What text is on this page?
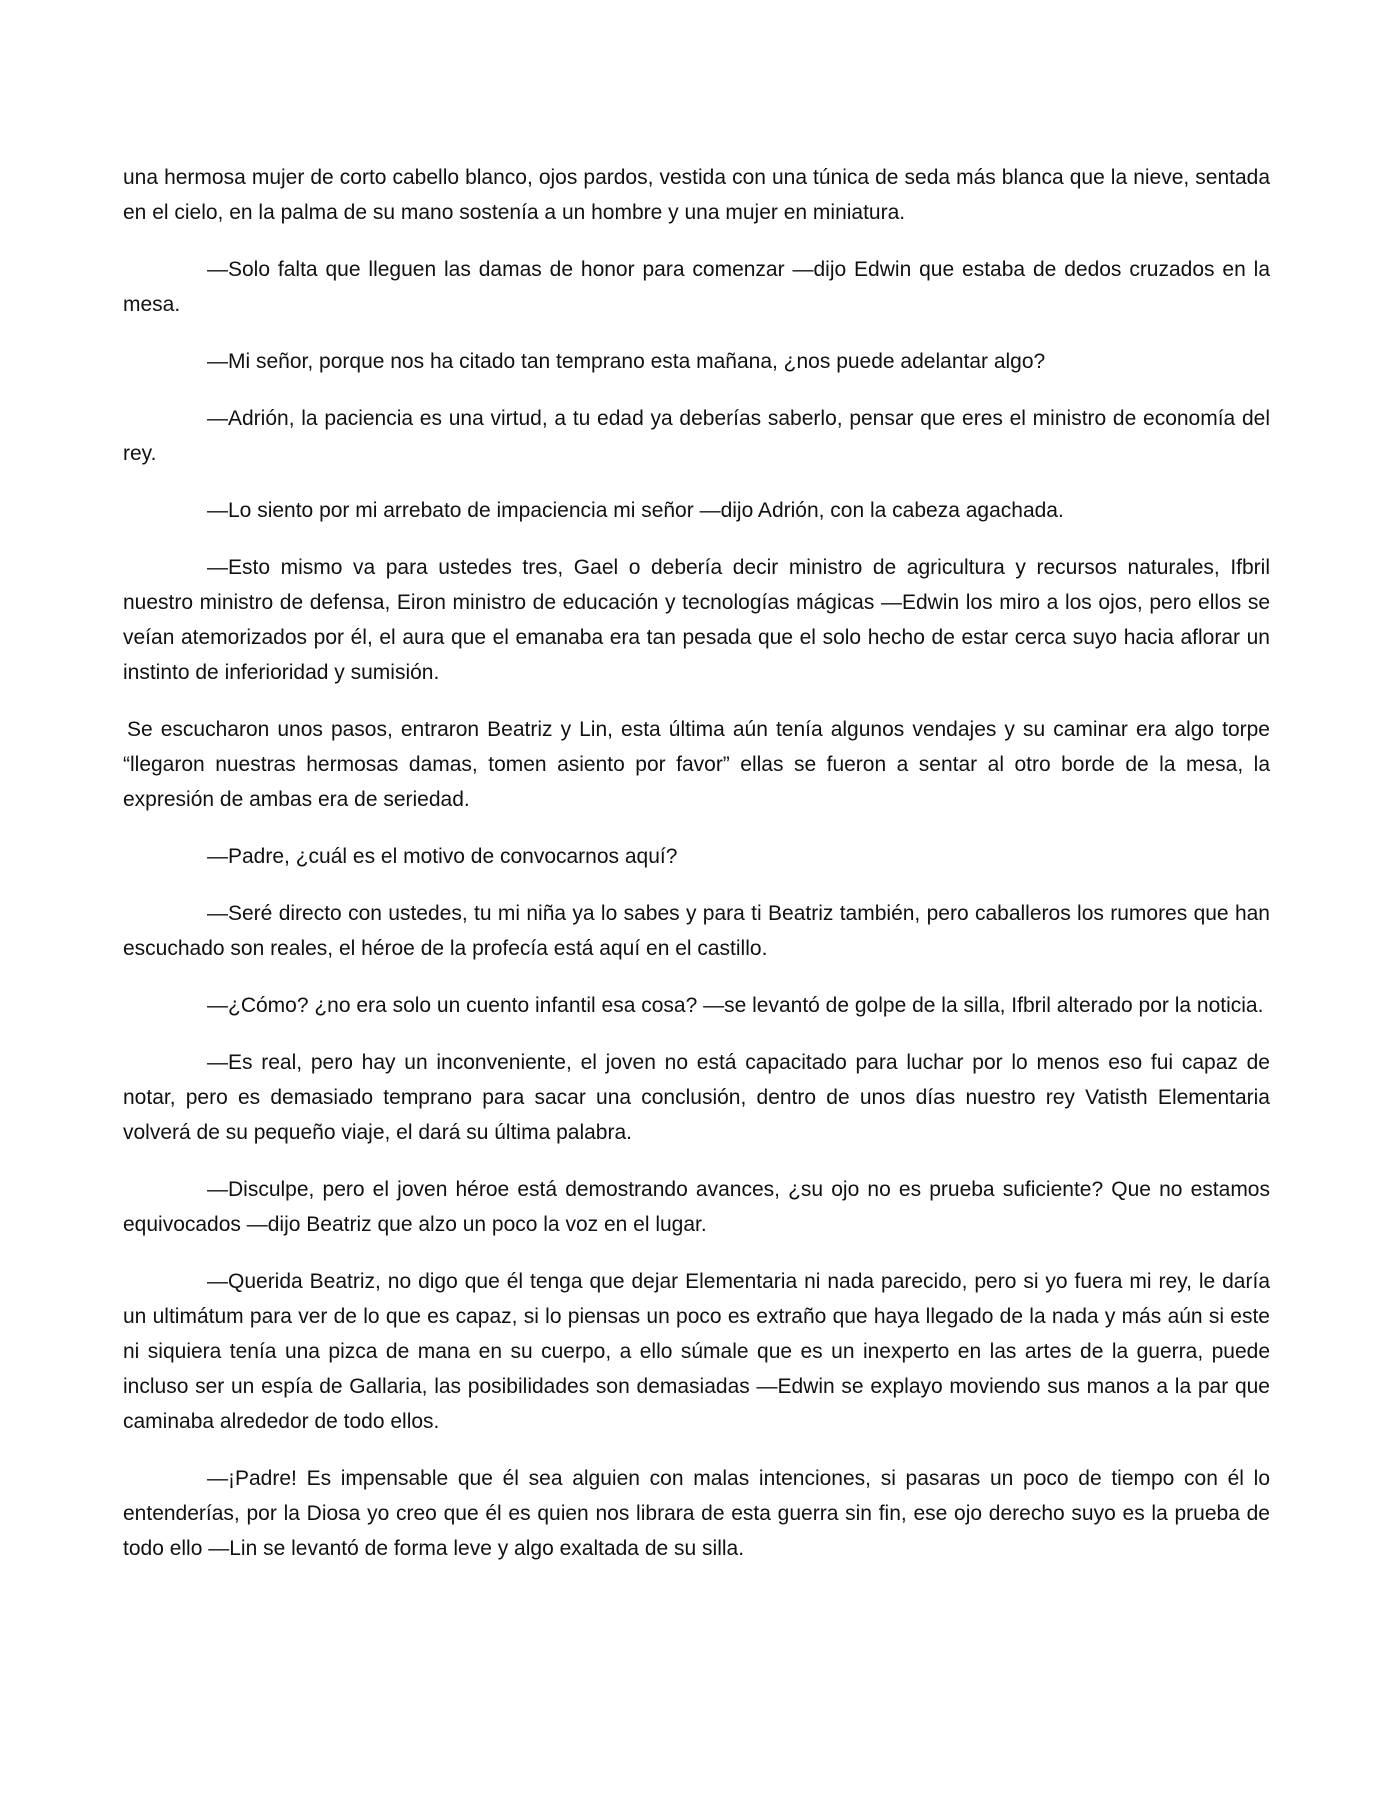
una hermosa mujer de corto cabello blanco, ojos pardos, vestida con una túnica de seda más blanca que la nieve, sentada en el cielo, en la palma de su mano sostenía a un hombre y una mujer en miniatura.

—Solo falta que lleguen las damas de honor para comenzar —dijo Edwin que estaba de dedos cruzados en la mesa.

—Mi señor, porque nos ha citado tan temprano esta mañana, ¿nos puede adelantar algo?

—Adrión, la paciencia es una virtud, a tu edad ya deberías saberlo, pensar que eres el ministro de economía del rey.

—Lo siento por mi arrebato de impaciencia mi señor —dijo Adrión, con la cabeza agachada.

—Esto mismo va para ustedes tres, Gael o debería decir ministro de agricultura y recursos naturales, Ifbril nuestro ministro de defensa, Eiron ministro de educación y tecnologías mágicas —Edwin los miro a los ojos, pero ellos se veían atemorizados por él, el aura que el emanaba era tan pesada que el solo hecho de estar cerca suyo hacia aflorar un instinto de inferioridad y sumisión.

Se escucharon unos pasos, entraron Beatriz y Lin, esta última aún tenía algunos vendajes y su caminar era algo torpe “llegaron nuestras hermosas damas, tomen asiento por favor” ellas se fueron a sentar al otro borde de la mesa, la expresión de ambas era de seriedad.

—Padre, ¿cuál es el motivo de convocarnos aquí?

—Seré directo con ustedes, tu mi niña ya lo sabes y para ti Beatriz también, pero caballeros los rumores que han escuchado son reales, el héroe de la profecía está aquí en el castillo.

—¿Cómo? ¿no era solo un cuento infantil esa cosa? —se levantó de golpe de la silla, Ifbril alterado por la noticia.

—Es real, pero hay un inconveniente, el joven no está capacitado para luchar por lo menos eso fui capaz de notar, pero es demasiado temprano para sacar una conclusión, dentro de unos días nuestro rey Vatisth Elementaria volverá de su pequeño viaje, el dará su última palabra.

—Disculpe, pero el joven héroe está demostrando avances, ¿su ojo no es prueba suficiente? Que no estamos equivocados —dijo Beatriz que alzo un poco la voz en el lugar.

—Querida Beatriz, no digo que él tenga que dejar Elementaria ni nada parecido, pero si yo fuera mi rey, le daría un ultimátum para ver de lo que es capaz, si lo piensas un poco es extraño que haya llegado de la nada y más aún si este ni siquiera tenía una pizca de mana en su cuerpo, a ello súmale que es un inexperto en las artes de la guerra, puede incluso ser un espía de Gallaria, las posibilidades son demasiadas —Edwin se explayo moviendo sus manos a la par que caminaba alrededor de todo ellos.

—¡Padre! Es impensable que él sea alguien con malas intenciones, si pasaras un poco de tiempo con él lo entenderías, por la Diosa yo creo que él es quien nos librara de esta guerra sin fin, ese ojo derecho suyo es la prueba de todo ello —Lin se levantó de forma leve y algo exaltada de su silla.
